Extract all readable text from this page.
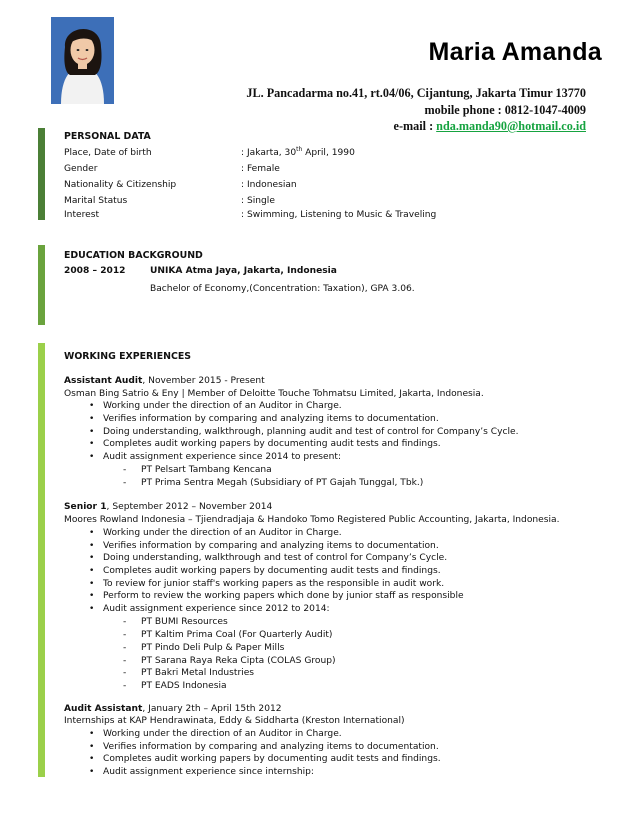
Maria Amanda
JL. Pancadarma no.41, rt.04/06, Cijantung, Jakarta Timur 13770
mobile phone : 0812-1047-4009
e-mail : nda.manda90@hotmail.co.id
PERSONAL DATA
Place, Date of birth	: Jakarta, 30th April, 1990
Gender	: Female
Nationality & Citizenship	: Indonesian
Marital Status	: Single
Interest	: Swimming, Listening to Music & Traveling
EDUCATION BACKGROUND
2008 – 2012	UNIKA Atma Jaya, Jakarta, Indonesia
Bachelor of Economy,(Concentration: Taxation), GPA 3.06.
WORKING EXPERIENCES
Assistant Audit, November 2015 - Present
Osman Bing Satrio & Eny | Member of Deloitte Touche Tohmatsu Limited, Jakarta, Indonesia.
• Working under the direction of an Auditor in Charge.
• Verifies information by comparing and analyzing items to documentation.
• Doing understanding, walkthrough, planning audit and test of control for Company’s Cycle.
• Completes audit working papers by documenting audit tests and findings.
• Audit assignment experience since 2014 to present:
- PT Pelsart Tambang Kencana
- PT Prima Sentra Megah (Subsidiary of PT Gajah Tunggal, Tbk.)
Senior 1, September 2012 – November 2014
Moores Rowland Indonesia – Tjiendradjaja & Handoko Tomo Registered Public Accounting, Jakarta, Indonesia.
• Working under the direction of an Auditor in Charge.
• Verifies information by comparing and analyzing items to documentation.
• Doing understanding, walkthrough and test of control for Company’s Cycle.
• Completes audit working papers by documenting audit tests and findings.
• To review for junior staff's working papers as the responsible in audit work.
• Perform to review the working papers which done by junior staff as responsible
• Audit assignment experience since 2012 to 2014:
- PT BUMI Resources
- PT Kaltim Prima Coal (For Quarterly Audit)
- PT Pindo Deli Pulp & Paper Mills
- PT Sarana Raya Reka Cipta (COLAS Group)
- PT Bakri Metal Industries
- PT EADS Indonesia
Audit Assistant, January 2th – April 15th 2012
Internships at KAP Hendrawinata, Eddy & Siddharta (Kreston International)
• Working under the direction of an Auditor in Charge.
• Verifies information by comparing and analyzing items to documentation.
• Completes audit working papers by documenting audit tests and findings.
• Audit assignment experience since internship:
